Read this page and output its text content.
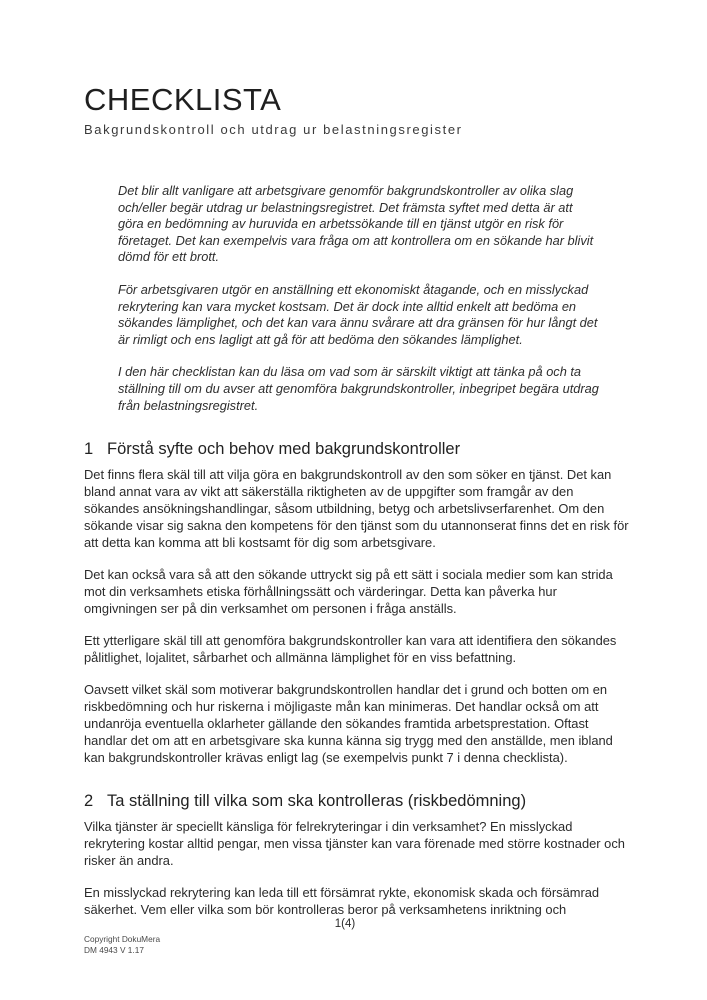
CHECKLISTA
Bakgrundskontroll och utdrag ur belastningsregister

Det blir allt vanligare att arbetsgivare genomför bakgrundskontroller av olika slag och/eller begär utdrag ur belastningsregistret. Det främsta syftet med detta är att göra en bedömning av huruvida en arbetssökande till en tjänst utgör en risk för företaget. Det kan exempelvis vara fråga om att kontrollera om en sökande har blivit dömd för ett brott.

För arbetsgivaren utgör en anställning ett ekonomiskt åtagande, och en misslyckad rekrytering kan vara mycket kostsam. Det är dock inte alltid enkelt att bedöma en sökandes lämplighet, och det kan vara ännu svårare att dra gränsen för hur långt det är rimligt och ens lagligt att gå för att bedöma den sökandes lämplighet.

I den här checklistan kan du läsa om vad som är särskilt viktigt att tänka på och ta ställning till om du avser att genomföra bakgrundskontroller, inbegripet begära utdrag från belastningsregistret.

1 Förstå syfte och behov med bakgrundskontroller

Det finns flera skäl till att vilja göra en bakgrundskontroll av den som söker en tjänst. Det kan bland annat vara av vikt att säkerställa riktigheten av de uppgifter som framgår av den sökandes ansökningshandlingar, såsom utbildning, betyg och arbetslivserfarenhet. Om den sökande visar sig sakna den kompetens för den tjänst som du utannonserat finns det en risk för att detta kan komma att bli kostsamt för dig som arbetsgivare.

Det kan också vara så att den sökande uttryckt sig på ett sätt i sociala medier som kan strida mot din verksamhets etiska förhållningssätt och värderingar. Detta kan påverka hur omgivningen ser på din verksamhet om personen i fråga anställs.

Ett ytterligare skäl till att genomföra bakgrundskontroller kan vara att identifiera den sökandes pålitlighet, lojalitet, sårbarhet och allmänna lämplighet för en viss befattning.

Oavsett vilket skäl som motiverar bakgrundskontrollen handlar det i grund och botten om en riskbedömning och hur riskerna i möjligaste mån kan minimeras. Det handlar också om att undanröja eventuella oklarheter gällande den sökandes framtida arbetsprestation. Oftast handlar det om att en arbetsgivare ska kunna känna sig trygg med den anställde, men ibland kan bakgrundskontroller krävas enligt lag (se exempelvis punkt 7 i denna checklista).

2 Ta ställning till vilka som ska kontrolleras (riskbedömning)

Vilka tjänster är speciellt känsliga för felrekryteringar i din verksamhet? En misslyckad rekrytering kostar alltid pengar, men vissa tjänster kan vara förenade med större kostnader och risker än andra.

En misslyckad rekrytering kan leda till ett försämrat rykte, ekonomisk skada och försämrad säkerhet. Vem eller vilka som bör kontrolleras beror på verksamhetens inriktning och

1(4)
Copyright DokuMera
DM 4943 V 1.17
